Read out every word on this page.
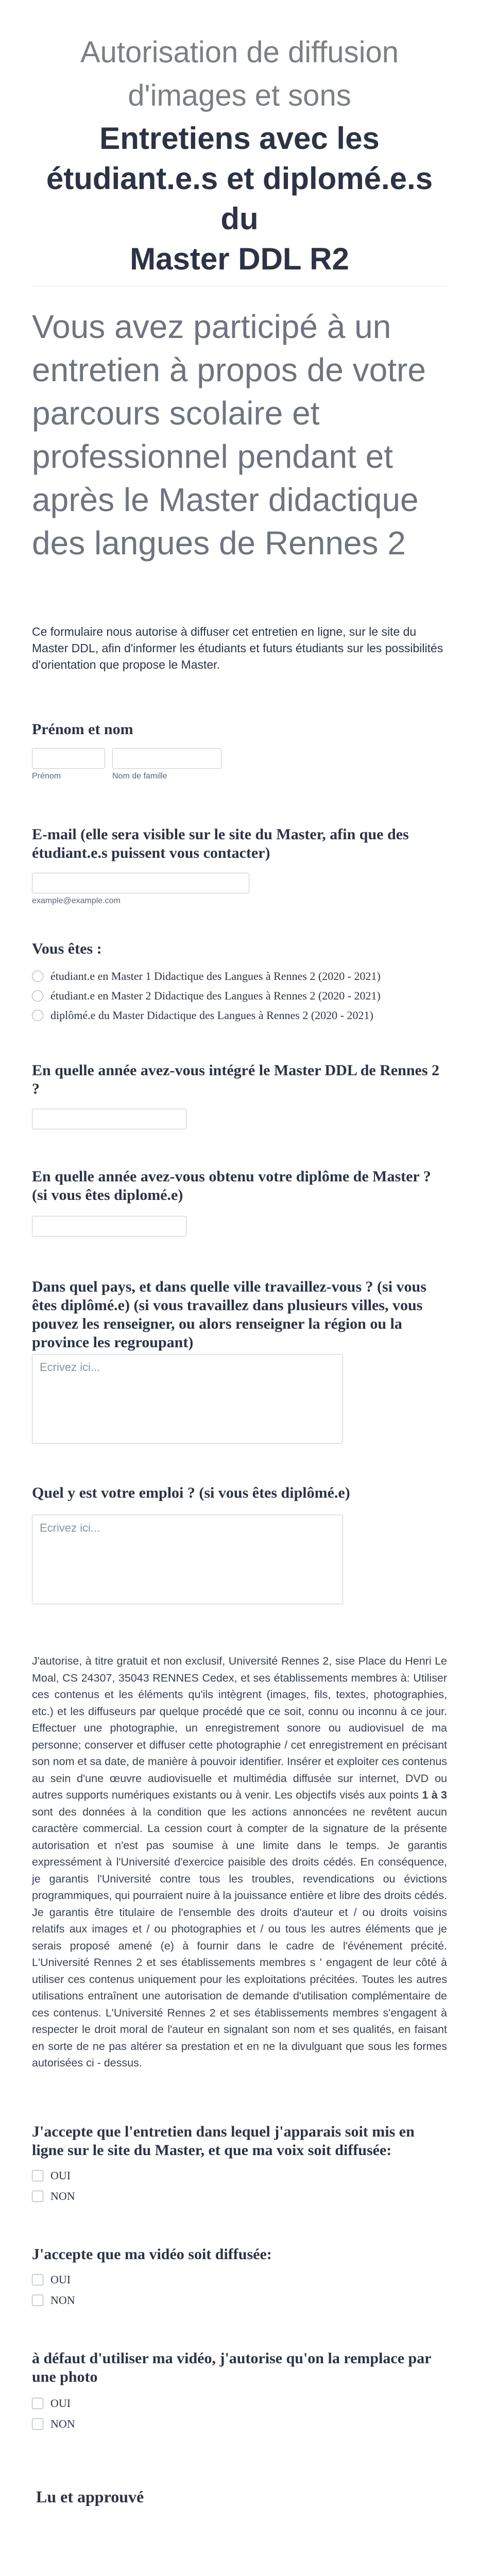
Autorisation de diffusion
d'images et sons
Entretiens avec les
étudiant.e.s et diplomé.e.s du
Master DDL R2
Vous avez participé à un entretien à propos de votre parcours scolaire et professionnel pendant et après le Master didactique des langues de Rennes 2
Ce formulaire nous autorise à diffuser cet entretien en ligne, sur le site du Master DDL, afin d'informer les étudiants et futurs étudiants sur les possibilités d'orientation que propose le Master.
Prénom et nom
Prénom	Nom de famille
E-mail (elle sera visible sur le site du Master, afin que des étudiant.e.s puissent vous contacter)
example@example.com
Vous êtes :
étudiant.e en Master 1 Didactique des Langues à Rennes 2 (2020 - 2021)
étudiant.e en Master 2 Didactique des Langues à Rennes 2 (2020 - 2021)
diplômé.e du Master Didactique des Langues à Rennes 2 (2020 - 2021)
En quelle année avez-vous intégré le Master DDL de Rennes 2 ?
En quelle année avez-vous obtenu votre diplôme de Master ? (si vous êtes diplomé.e)
Dans quel pays, et dans quelle ville travaillez-vous ? (si vous êtes diplômé.e) (si vous travaillez dans plusieurs villes, vous pouvez les renseigner, ou alors renseigner la région ou la province les regroupant)
Ecrivez ici...
Quel y est votre emploi ? (si vous êtes diplômé.e)
Ecrivez ici...
J'autorise, à titre gratuit et non exclusif, Université Rennes 2, sise Place du Henri Le Moal, CS 24307, 35043 RENNES Cedex, et ses établissements membres à: Utiliser ces contenus et les éléments qu'ils intègrent (images, fils, textes, photographies, etc.) et les diffuseurs par quelque procédé que ce soit, connu ou inconnu à ce jour. Effectuer une photographie, un enregistrement sonore ou audiovisuel de ma personne; conserver et diffuser cette photographie / cet enregistrement en précisant son nom et sa date, de manière à pouvoir identifier. Insérer et exploiter ces contenus au sein d'une œuvre audiovisuelle et multimédia diffusée sur internet, DVD ou autres supports numériques existants ou à venir. Les objectifs visés aux points 1 à 3 sont des données à la condition que les actions annoncées ne revêtent aucun caractère commercial. La cession court à compter de la signature de la présente autorisation et n'est pas soumise à une limite dans le temps. Je garantis expressément à l'Université d'exercice paisible des droits cédés. En conséquence, je garantis l'Université contre tous les troubles, revendications ou évictions programmiques, qui pourraient nuire à la jouissance entière et libre des droits cédés. Je garantis être titulaire de l'ensemble des droits d'auteur et / ou droits voisins relatifs aux images et / ou photographies et / ou tous les autres éléments que je serais proposé amené (e) à fournir dans le cadre de l'événement précité. L'Université Rennes 2 et ses établissements membres s ' engagent de leur côté à utiliser ces contenus uniquement pour les exploitations précitées. Toutes les autres utilisations entraînent une autorisation de demande d'utilisation complémentaire de ces contenus. L'Université Rennes 2 et ses établissements membres s'engagent à respecter le droit moral de l'auteur en signalant son nom et ses qualités, en faisant en sorte de ne pas altérer sa prestation et en ne la divulguant que sous les formes autorisées ci - dessus.
J'accepte que l'entretien dans lequel j'apparais soit mis en ligne sur le site du Master, et que ma voix soit diffusée:
OUI
NON
J'accepte que ma vidéo soit diffusée:
OUI
NON
à défaut d'utiliser ma vidéo, j'autorise qu'on la remplace par une photo
OUI
NON
Lu et approuvé
